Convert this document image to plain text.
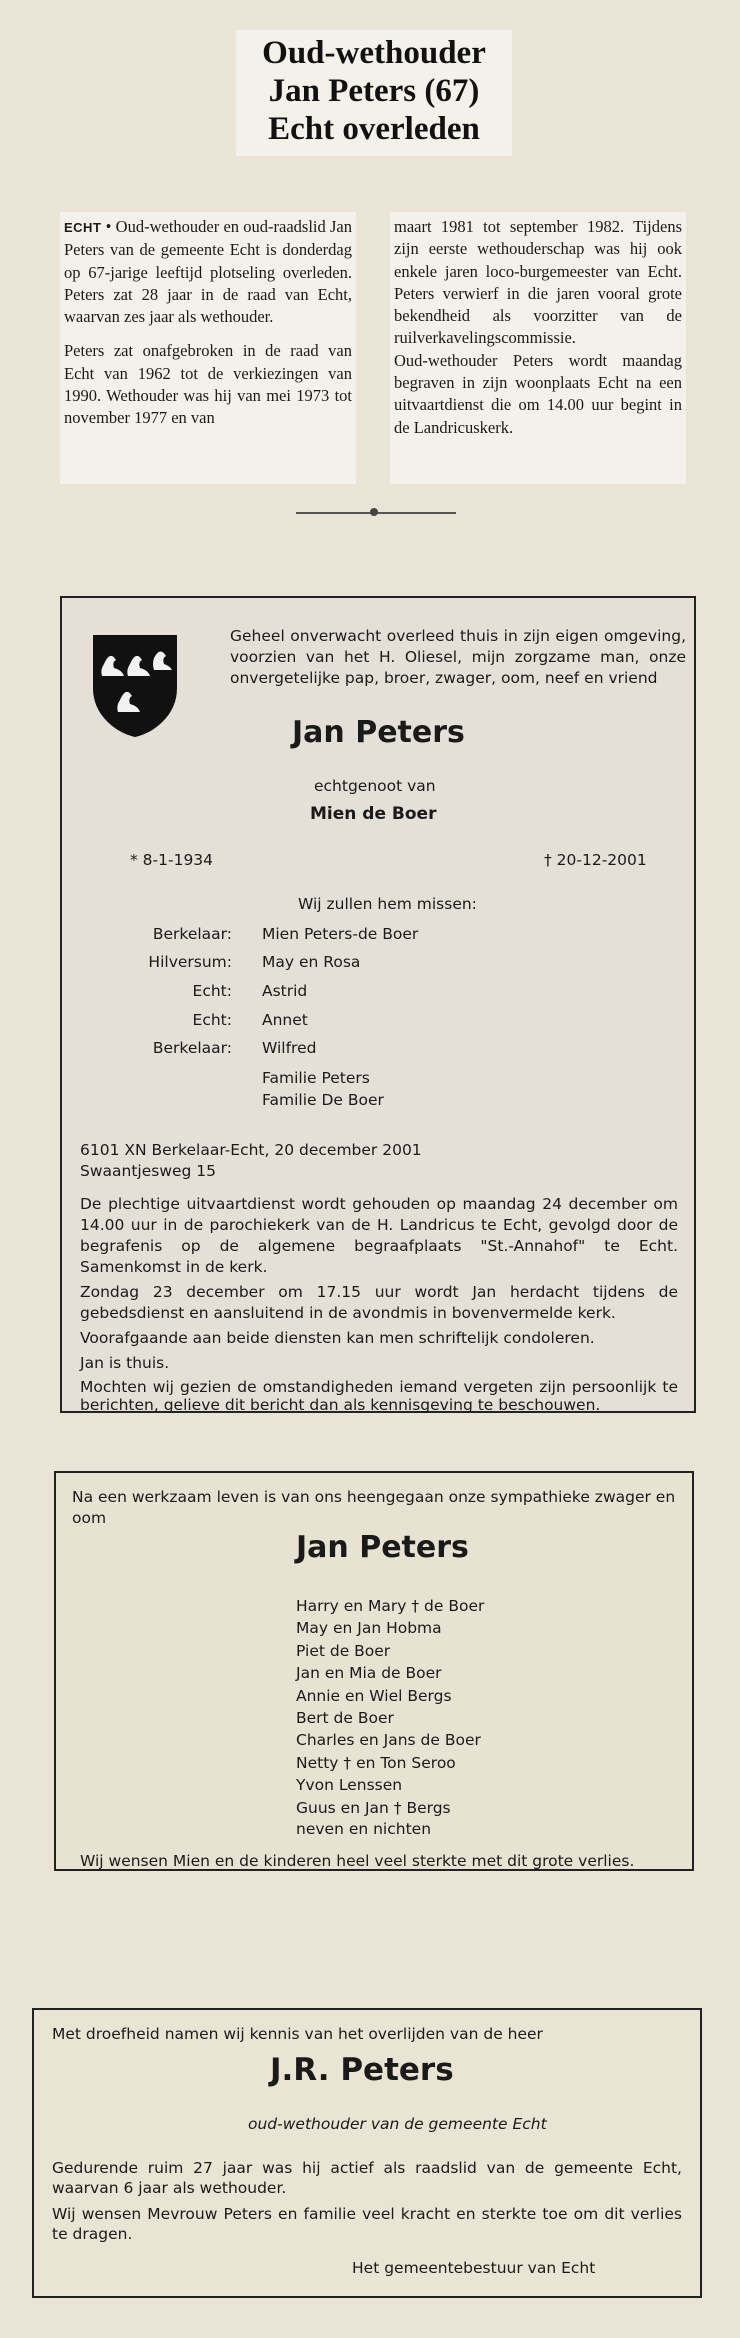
Oud-wethouder
Jan Peters (67)
Echt overleden

ECHT • Oud-wethouder en oud-raadslid Jan Peters van de gemeente Echt is donderdag op 67-jarige leeftijd plotseling overleden. Peters zat 28 jaar in de raad van Echt, waarvan zes jaar als wethouder.

Peters zat onafgebroken in de raad van Echt van 1962 tot de verkiezingen van 1990. Wethouder was hij van mei 1973 tot november 1977 en van

maart 1981 tot september 1982. Tijdens zijn eerste wethouderschap was hij ook enkele jaren loco-burgemeester van Echt. Peters verwierf in die jaren vooral grote bekendheid als voorzitter van de ruilverkavelingscommissie.

Oud-wethouder Peters wordt maandag begraven in zijn woonplaats Echt na een uitvaartdienst die om 14.00 uur begint in de Landricuskerk.

Geheel onverwacht overleed thuis in zijn eigen omgeving, voorzien van het H. Oliesel, mijn zorgzame man, onze onvergetelijke pap, broer, zwager, oom, neef en vriend
Jan Peters
echtgenoot van
Mien de Boer
* 8-1-1934	† 20-12-2001
Wij zullen hem missen:
Berkelaar: Mien Peters-de Boer
Hilversum: May en Rosa
Echt: Astrid
Echt: Annet
Berkelaar: Wilfred
Familie Peters
Familie De Boer
6101 XN Berkelaar-Echt, 20 december 2001
Swaantjesweg 15
De plechtige uitvaartdienst wordt gehouden op maandag 24 december om 14.00 uur in de parochiekerk van de H. Landricus te Echt, gevolgd door de begrafenis op de algemene begraafplaats "St.-Annahof" te Echt. Samenkomst in de kerk.
Zondag 23 december om 17.15 uur wordt Jan herdacht tijdens de gebedsdienst en aansluitend in de avondmis in bovenvermelde kerk.
Voorafgaande aan beide diensten kan men schriftelijk condoleren.
Jan is thuis.
Mochten wij gezien de omstandigheden iemand vergeten zijn persoonlijk te berichten, gelieve dit bericht dan als kennisgeving te beschouwen.
Na een werkzaam leven is van ons heengegaan onze sympathieke zwager en oom
Jan Peters
Harry en Mary † de Boer
May en Jan Hobma
Piet de Boer
Jan en Mia de Boer
Annie en Wiel Bergs
Bert de Boer
Charles en Jans de Boer
Netty † en Ton Seroo
Yvon Lenssen
Guus en Jan † Bergs
neven en nichten
Wij wensen Mien en de kinderen heel veel sterkte met dit grote verlies.
Met droefheid namen wij kennis van het overlijden van de heer
J.R. Peters
oud-wethouder van de gemeente Echt
Gedurende ruim 27 jaar was hij actief als raadslid van de gemeente Echt, waarvan 6 jaar als wethouder.
Wij wensen Mevrouw Peters en familie veel kracht en sterkte toe om dit verlies te dragen.
Het gemeentebestuur van Echt
